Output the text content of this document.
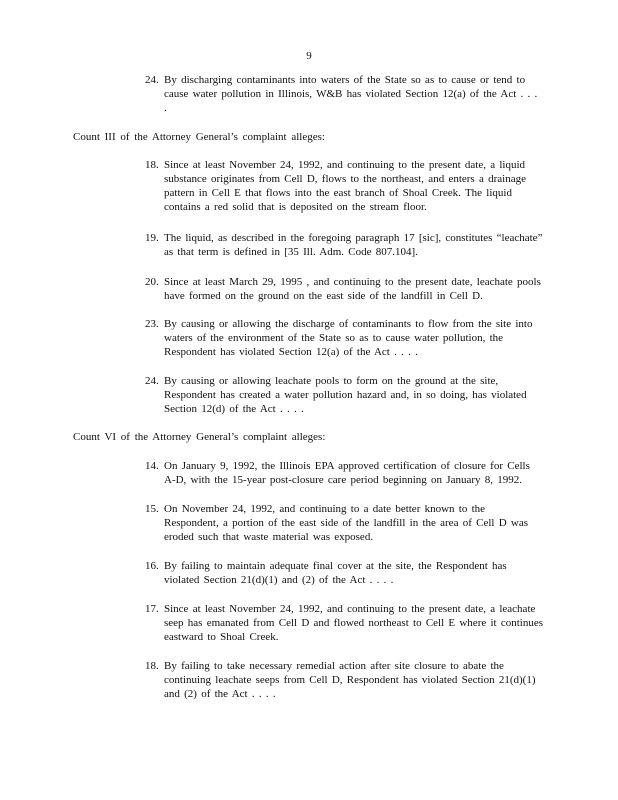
9
24. By discharging contaminants into waters of the State so as to cause or tend to cause water pollution in Illinois, W&B has violated Section 12(a) of the Act . . . .
Count III of the Attorney General’s complaint alleges:
18. Since at least November 24, 1992, and continuing to the present date, a liquid substance originates from Cell D, flows to the northeast, and enters a drainage pattern in Cell E that flows into the east branch of Shoal Creek. The liquid contains a red solid that is deposited on the stream floor.
19. The liquid, as described in the foregoing paragraph 17 [sic], constitutes “leachate” as that term is defined in [35 Ill. Adm. Code 807.104].
20. Since at least March 29, 1995 , and continuing to the present date, leachate pools have formed on the ground on the east side of the landfill in Cell D.
23. By causing or allowing the discharge of contaminants to flow from the site into waters of the environment of the State so as to cause water pollution, the Respondent has violated Section 12(a) of the Act . . . .
24. By causing or allowing leachate pools to form on the ground at the site, Respondent has created a water pollution hazard and, in so doing, has violated Section 12(d) of the Act . . . .
Count VI of the Attorney General’s complaint alleges:
14. On January 9, 1992, the Illinois EPA approved certification of closure for Cells A-D, with the 15-year post-closure care period beginning on January 8, 1992.
15. On November 24, 1992, and continuing to a date better known to the Respondent, a portion of the east side of the landfill in the area of Cell D was eroded such that waste material was exposed.
16. By failing to maintain adequate final cover at the site, the Respondent has violated Section 21(d)(1) and (2) of the Act . . . .
17. Since at least November 24, 1992, and continuing to the present date, a leachate seep has emanated from Cell D and flowed northeast to Cell E where it continues eastward to Shoal Creek.
18. By failing to take necessary remedial action after site closure to abate the continuing leachate seeps from Cell D, Respondent has violated Section 21(d)(1) and (2) of the Act . . . .
